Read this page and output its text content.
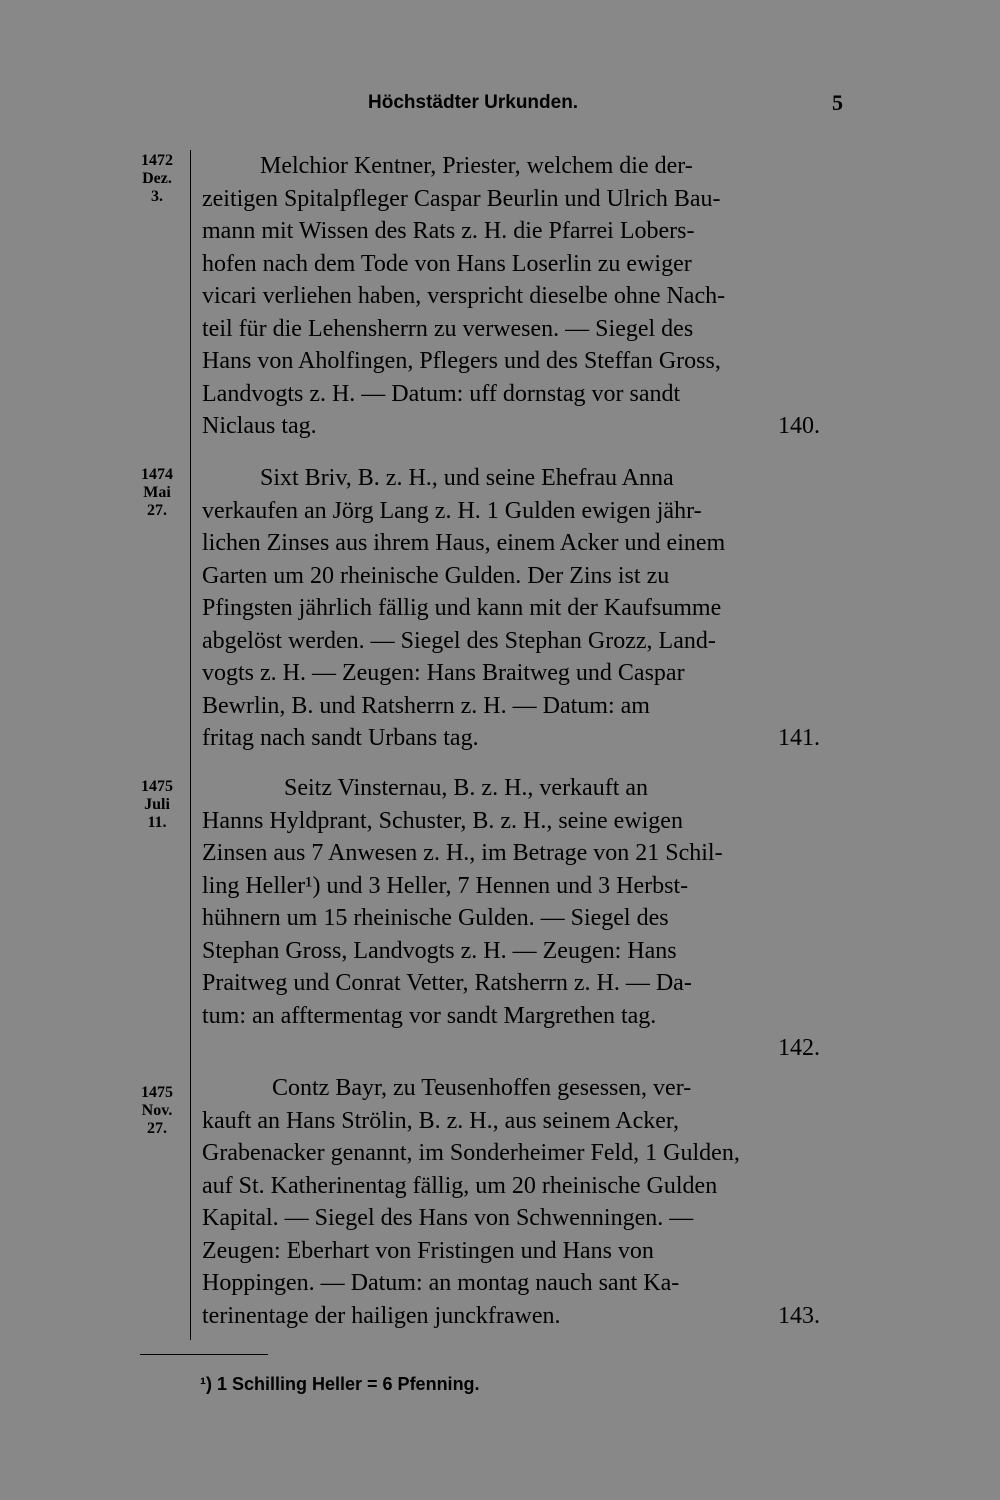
Höchstädter Urkunden.	5
1472
Dez.
3.
Melchior Kentner, Priester, welchem die der-
zeitigen Spitalpfleger Caspar Beurlin und Ulrich Bau-
mann mit Wissen des Rats z. H. die Pfarrei Lobers-
hofen nach dem Tode von Hans Loserlin zu ewiger
vicari verliehen haben, verspricht dieselbe ohne Nach-
teil für die Lehensherrn zu verwesen. — Siegel des
Hans von Aholfingen, Pflegers und des Steffan Gross,
Landvogts z. H. — Datum: uff dornstag vor sandt
Niclaus tag.	140.
1474
Mai
27.
Sixt Briv, B. z. H., und seine Ehefrau Anna
verkaufen an Jörg Lang z. H. 1 Gulden ewigen jähr-
lichen Zinses aus ihrem Haus, einem Acker und einem
Garten um 20 rheinische Gulden. Der Zins ist zu
Pfingsten jährlich fällig und kann mit der Kaufsumme
abgelöst werden. — Siegel des Stephan Grozz, Land-
vogts z. H. — Zeugen: Hans Braitweg und Caspar
Bewrlin, B. und Ratsherrn z. H. — Datum: am
fritag nach sandt Urbans tag.	141.
1475
Juli
11.
Seitz Vinsternau, B. z. H., verkauft an
Hanns Hyldprant, Schuster, B. z. H., seine ewigen
Zinsen aus 7 Anwesen z. H., im Betrage von 21 Schil-
ling Heller¹) und 3 Heller, 7 Hennen und 3 Herbst-
hühnern um 15 rheinische Gulden. — Siegel des
Stephan Gross, Landvogts z. H. — Zeugen: Hans
Praitweg und Conrat Vetter, Ratsherrn z. H. — Da-
tum: an afftermentag vor sandt Margrethen tag.
142.
1475
Nov.
27.
Contz Bayr, zu Teusenhoffen gesessen, ver-
kauft an Hans Strölin, B. z. H., aus seinem Acker,
Grabenacker genannt, im Sonderheimer Feld, 1 Gulden,
auf St. Katherinentag fällig, um 20 rheinische Gulden
Kapital. — Siegel des Hans von Schwenningen. —
Zeugen: Eberhart von Fristingen und Hans von
Hoppingen. — Datum: an montag nauch sant Ka-
terinentage der hailigen junckfrawen.	143.
¹) 1 Schilling Heller = 6 Pfenning.
